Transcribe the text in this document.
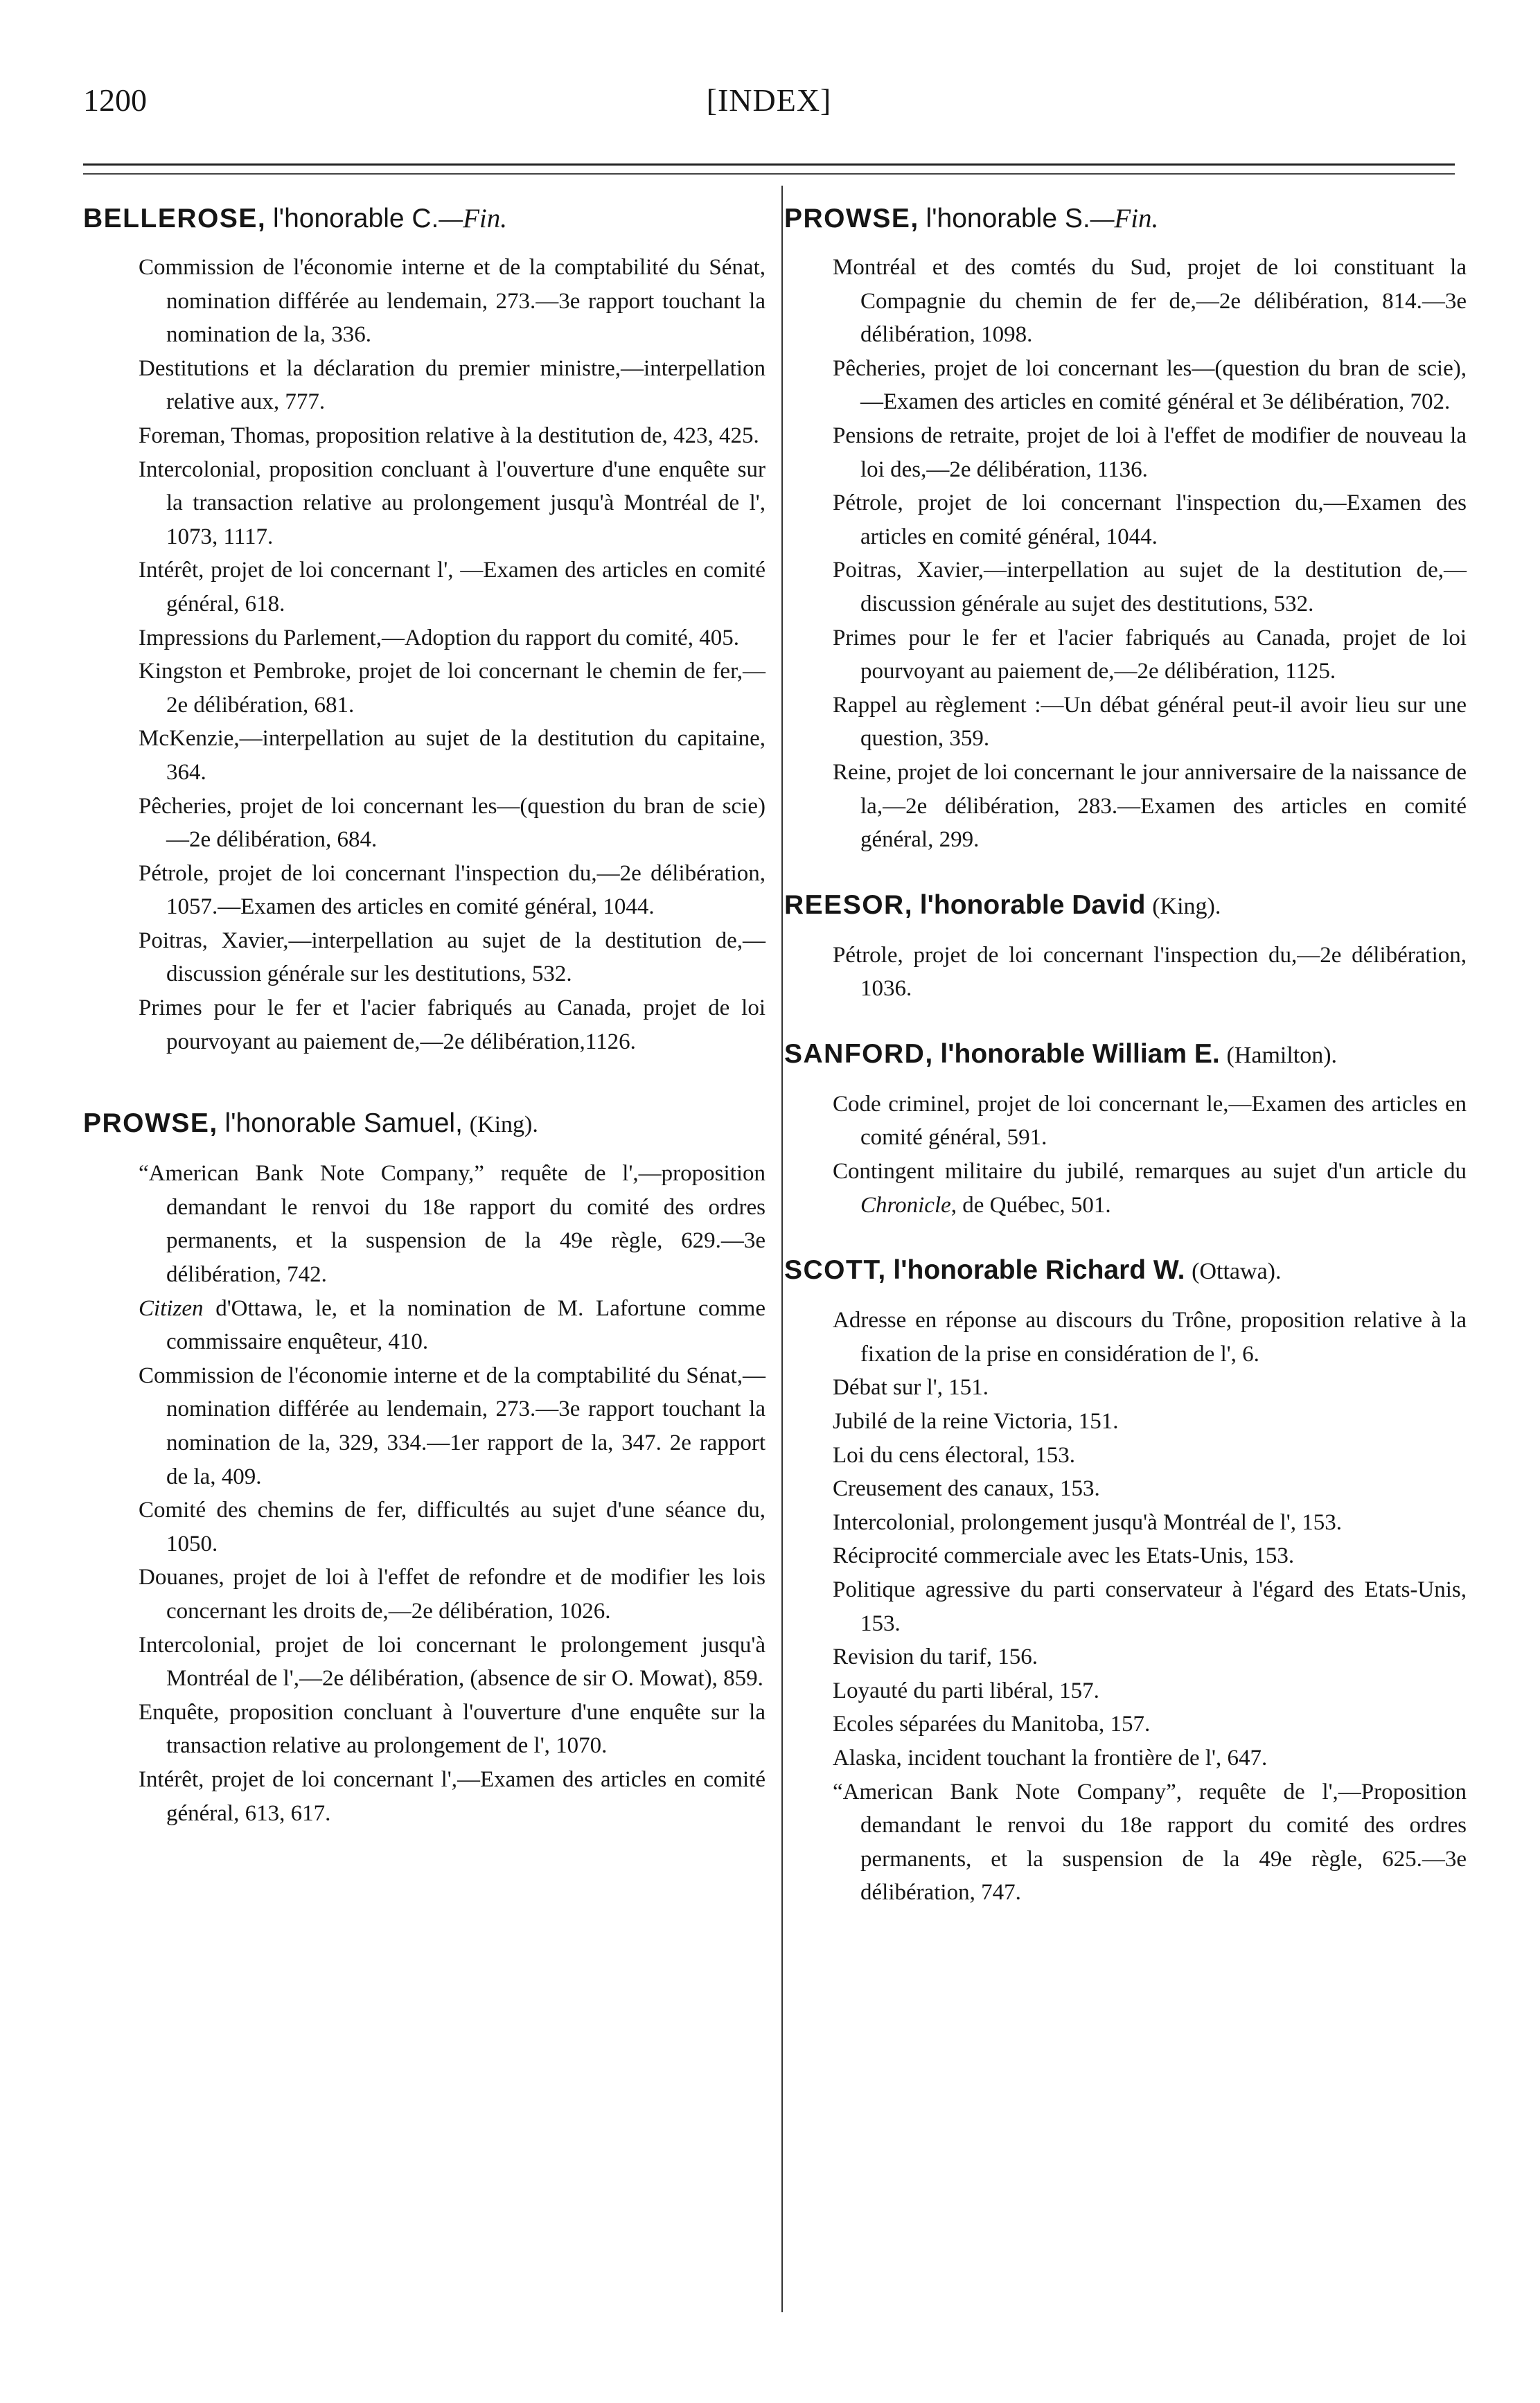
1200	[INDEX]
BELLEROSE, l'honorable C.—Fin.

Commission de l'économie interne et de la comptabilité du Sénat, nomination différée au lendemain, 273.—3e rapport touchant la nomination de la, 336.

Destitutions et la déclaration du premier ministre,—interpellation relative aux, 777.

Foreman, Thomas, proposition relative à la destitution de, 423, 425.

Intercolonial, proposition concluant à l'ouverture d'une enquête sur la transaction relative au prolongement jusqu'à Montréal de l', 1073, 1117.

Intérêt, projet de loi concernant l', —Examen des articles en comité général, 618.

Impressions du Parlement,—Adoption du rapport du comité, 405.

Kingston et Pembroke, projet de loi concernant le chemin de fer,—2e délibération, 681.

McKenzie,—interpellation au sujet de la destitution du capitaine, 364.

Pêcheries, projet de loi concernant les—(question du bran de scie)—2e délibération, 684.

Pétrole, projet de loi concernant l'inspection du,—2e délibération, 1057.—Examen des articles en comité général, 1044.

Poitras, Xavier,—interpellation au sujet de la destitution de,—discussion générale sur les destitutions, 532.

Primes pour le fer et l'acier fabriqués au Canada, projet de loi pourvoyant au paiement de,—2e délibération,1126.

PROWSE, l'honorable Samuel, (King).

“American Bank Note Company,” requête de l',—proposition demandant le renvoi du 18e rapport du comité des ordres permanents, et la suspension de la 49e règle, 629.—3e délibération, 742.

Citizen d'Ottawa, le, et la nomination de M. Lafortune comme commissaire enquêteur, 410.

Commission de l'économie interne et de la comptabilité du Sénat,—nomination différée au lendemain, 273.—3e rapport touchant la nomination de la, 329, 334.—1er rapport de la, 347. 2e rapport de la, 409.

Comité des chemins de fer, difficultés au sujet d'une séance du, 1050.

Douanes, projet de loi à l'effet de refondre et de modifier les lois concernant les droits de,—2e délibération, 1026.

Intercolonial, projet de loi concernant le prolongement jusqu'à Montréal de l',—2e délibération, (absence de sir O. Mowat), 859.

Enquête, proposition concluant à l'ouverture d'une enquête sur la transaction relative au prolongement de l', 1070.

Intérêt, projet de loi concernant l',—Examen des articles en comité général, 613, 617.

PROWSE, l'honorable S.—Fin.

Montréal et des comtés du Sud, projet de loi constituant la Compagnie du chemin de fer de,—2e délibération, 814.—3e délibération, 1098.

Pêcheries, projet de loi concernant les—(question du bran de scie),—Examen des articles en comité général et 3e délibération, 702.

Pensions de retraite, projet de loi à l'effet de modifier de nouveau la loi des,—2e délibération, 1136.

Pétrole, projet de loi concernant l'inspection du,—Examen des articles en comité général, 1044.

Poitras, Xavier,—interpellation au sujet de la destitution de,—discussion générale au sujet des destitutions, 532.

Primes pour le fer et l'acier fabriqués au Canada, projet de loi pourvoyant au paiement de,—2e délibération, 1125.

Rappel au règlement :—Un débat général peut-il avoir lieu sur une question, 359.

Reine, projet de loi concernant le jour anniversaire de la naissance de la,—2e délibération, 283.—Examen des articles en comité général, 299.

REESOR, l'honorable David (King).

Pétrole, projet de loi concernant l'inspection du,—2e délibération, 1036.

SANFORD, l'honorable William E. (Hamilton).

Code criminel, projet de loi concernant le,—Examen des articles en comité général, 591.

Contingent militaire du jubilé, remarques au sujet d'un article du Chronicle, de Québec, 501.

SCOTT, l'honorable Richard W. (Ottawa).

Adresse en réponse au discours du Trône, proposition relative à la fixation de la prise en considération de l', 6.

Débat sur l', 151.

Jubilé de la reine Victoria, 151.

Loi du cens électoral, 153.

Creusement des canaux, 153.

Intercolonial, prolongement jusqu'à Montréal de l', 153.

Réciprocité commerciale avec les Etats-Unis, 153.

Politique agressive du parti conservateur à l'égard des Etats-Unis, 153.

Revision du tarif, 156.

Loyauté du parti libéral, 157.

Ecoles séparées du Manitoba, 157.

Alaska, incident touchant la frontière de l', 647.

“American Bank Note Company”, requête de l',—Proposition demandant le renvoi du 18e rapport du comité des ordres permanents, et la suspension de la 49e règle, 625.—3e délibération, 747.
